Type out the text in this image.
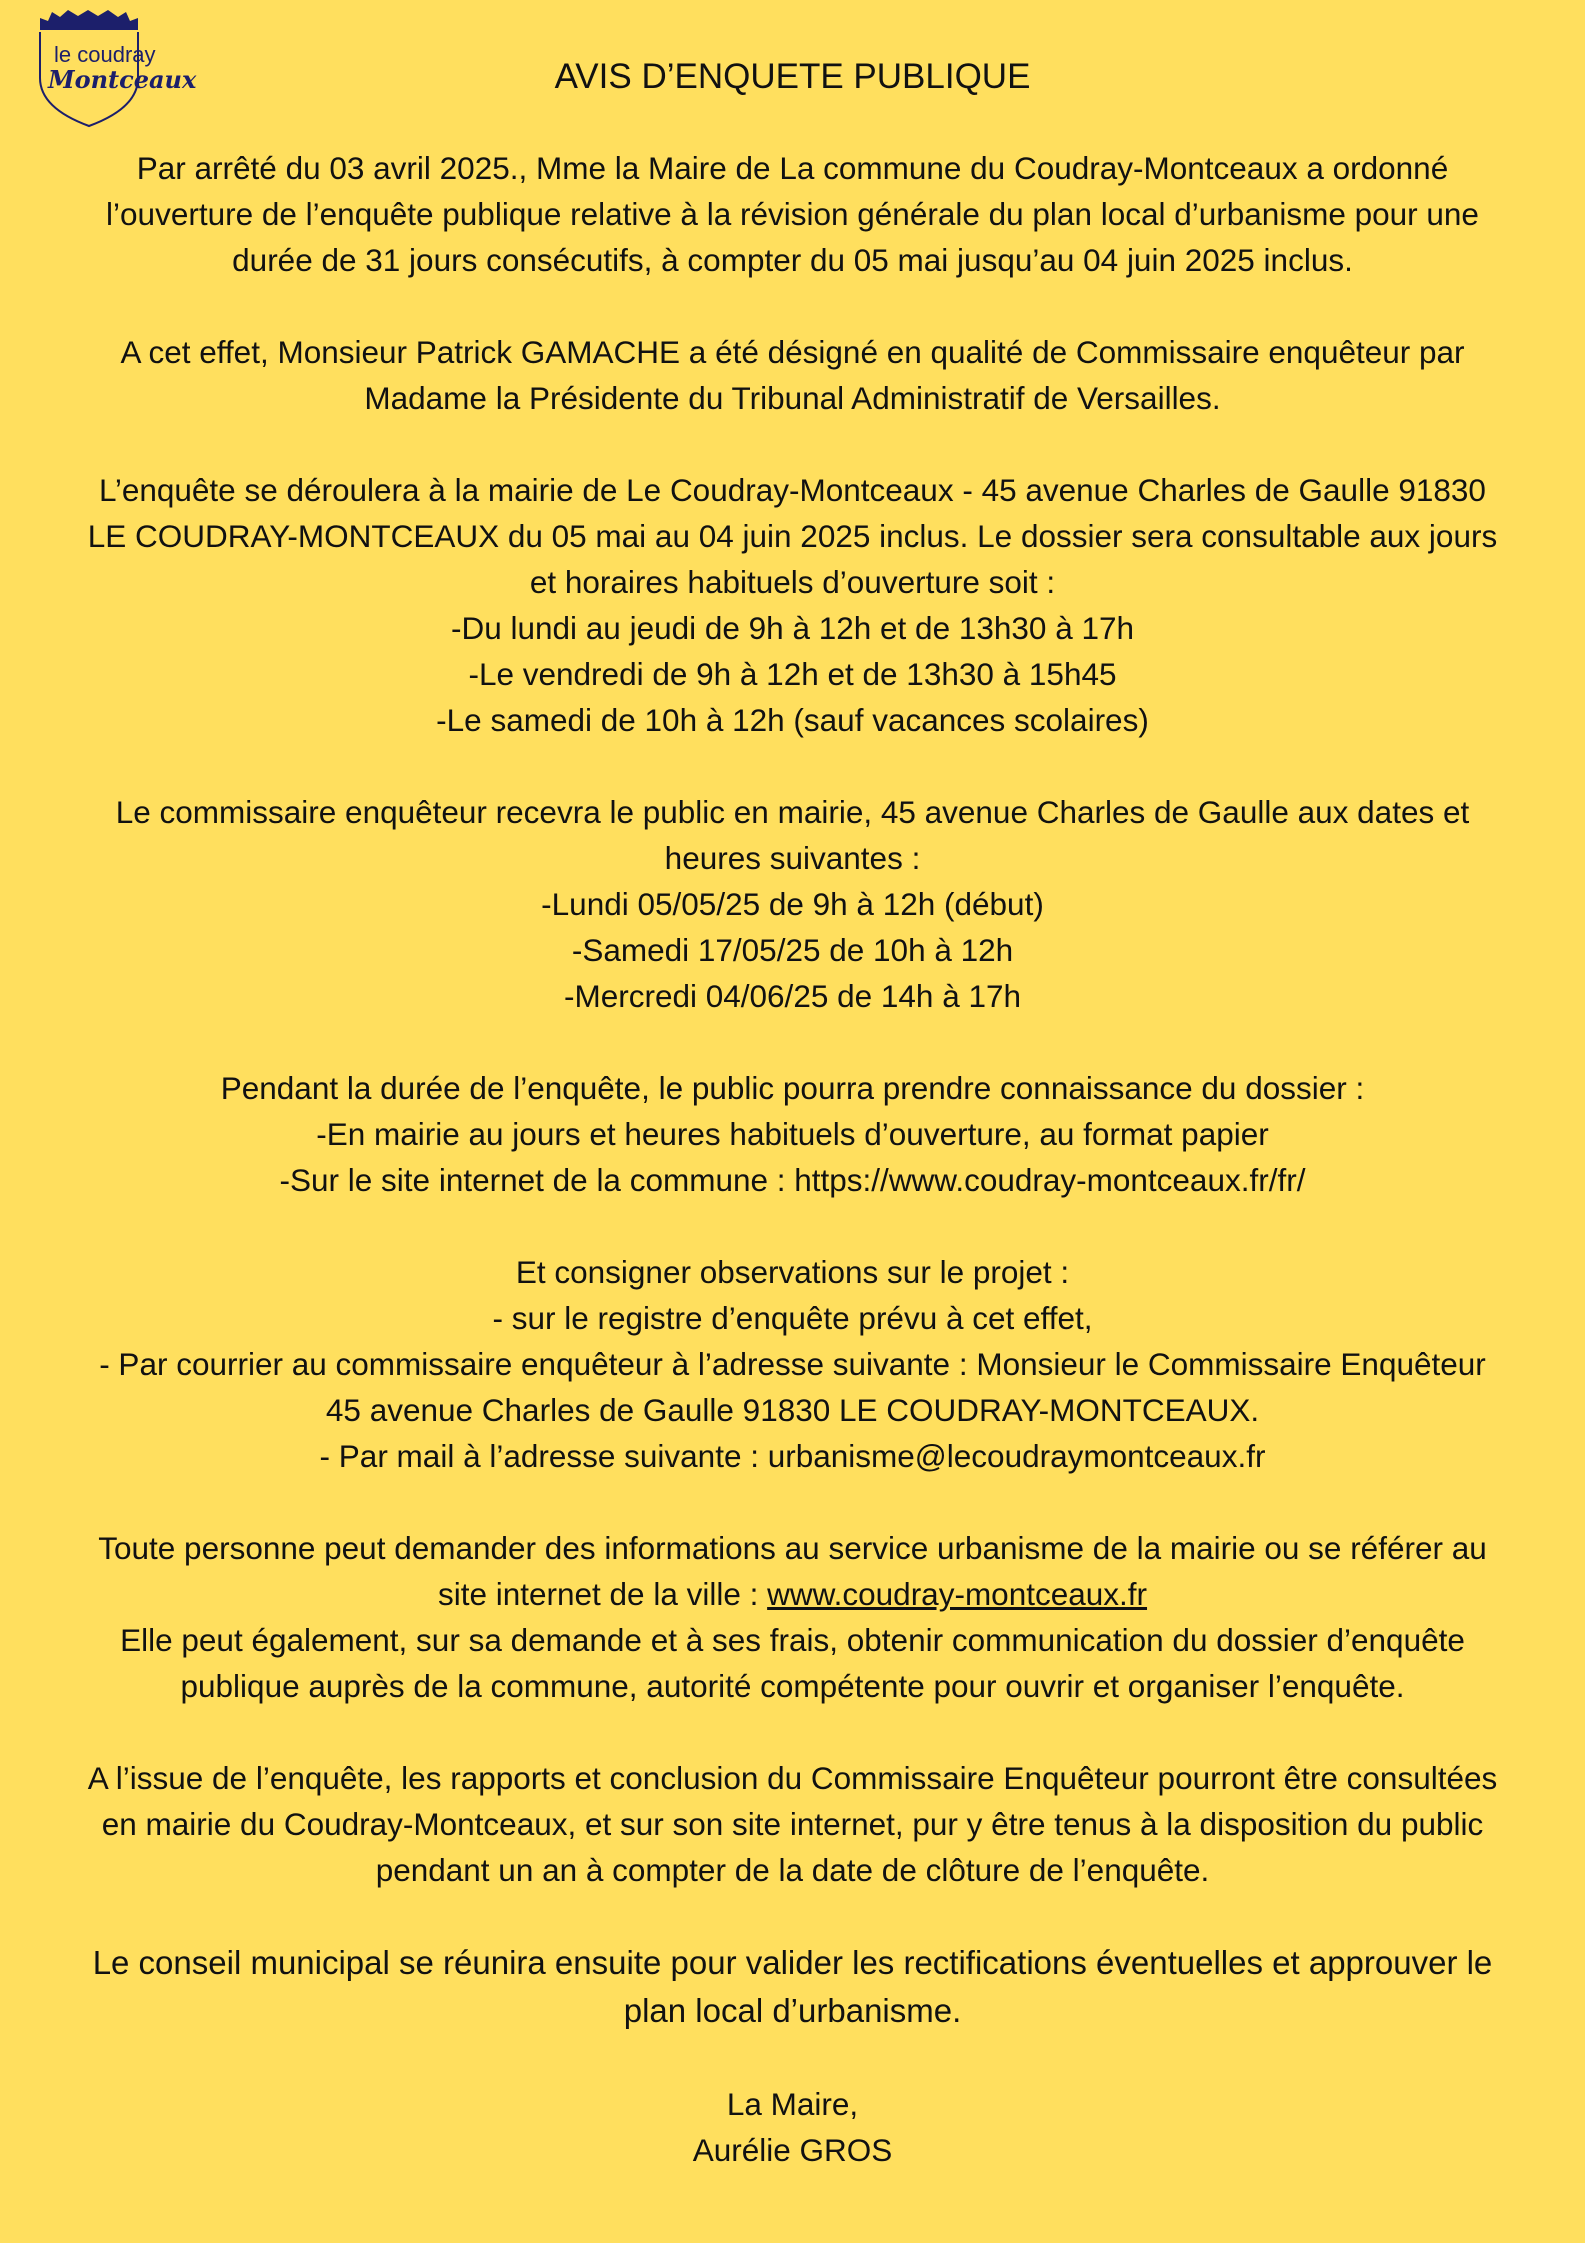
le coudray
Montceaux	AVIS D’ENQUETE PUBLIQUE

Par arrêté du 03 avril 2025., Mme la Maire de La commune du Coudray-Montceaux a ordonné l’ouverture de l’enquête publique relative à la révision générale du plan local d’urbanisme pour une durée de 31 jours consécutifs, à compter du 05 mai jusqu’au 04 juin 2025 inclus.

A cet effet, Monsieur Patrick GAMACHE a été désigné en qualité de Commissaire enquêteur par Madame la Présidente du Tribunal Administratif de Versailles.

L’enquête se déroulera à la mairie de Le Coudray-Montceaux - 45 avenue Charles de Gaulle 91830 LE COUDRAY-MONTCEAUX du 05 mai au 04 juin 2025 inclus. Le dossier sera consultable aux jours et horaires habituels d’ouverture soit :
-Du lundi au jeudi de 9h à 12h et de 13h30 à 17h
-Le vendredi de 9h à 12h et de 13h30 à 15h45
-Le samedi de 10h à 12h (sauf vacances scolaires)
Le commissaire enquêteur recevra le public en mairie, 45 avenue Charles de Gaulle aux dates et heures suivantes :
-Lundi 05/05/25 de 9h à 12h (début)
-Samedi 17/05/25 de 10h à 12h
-Mercredi 04/06/25 de 14h à 17h
Pendant la durée de l’enquête, le public pourra prendre connaissance du dossier :
-En mairie au jours et heures habituels d’ouverture, au format papier
-Sur le site internet de la commune : https://www.coudray-montceaux.fr/fr/
Et consigner observations sur le projet :
- sur le registre d’enquête prévu à cet effet,
- Par courrier au commissaire enquêteur à l’adresse suivante : Monsieur le Commissaire Enquêteur 45 avenue Charles de Gaulle 91830 LE COUDRAY-MONTCEAUX.
- Par mail à l’adresse suivante : urbanisme@lecoudraymontceaux.fr
Toute personne peut demander des informations au service urbanisme de la mairie ou se référer au site internet de la ville : www.coudray-montceaux.fr
Elle peut également, sur sa demande et à ses frais, obtenir communication du dossier d’enquête publique auprès de la commune, autorité compétente pour ouvrir et organiser l’enquête.

A l’issue de l’enquête, les rapports et conclusion du Commissaire Enquêteur pourront être consultées en mairie du Coudray-Montceaux, et sur son site internet, pur y être tenus à la disposition du public pendant un an à compter de la date de clôture de l’enquête.

Le conseil municipal se réunira ensuite pour valider les rectifications éventuelles et approuver le plan local d’urbanisme.

La Maire,
Aurélie GROS
